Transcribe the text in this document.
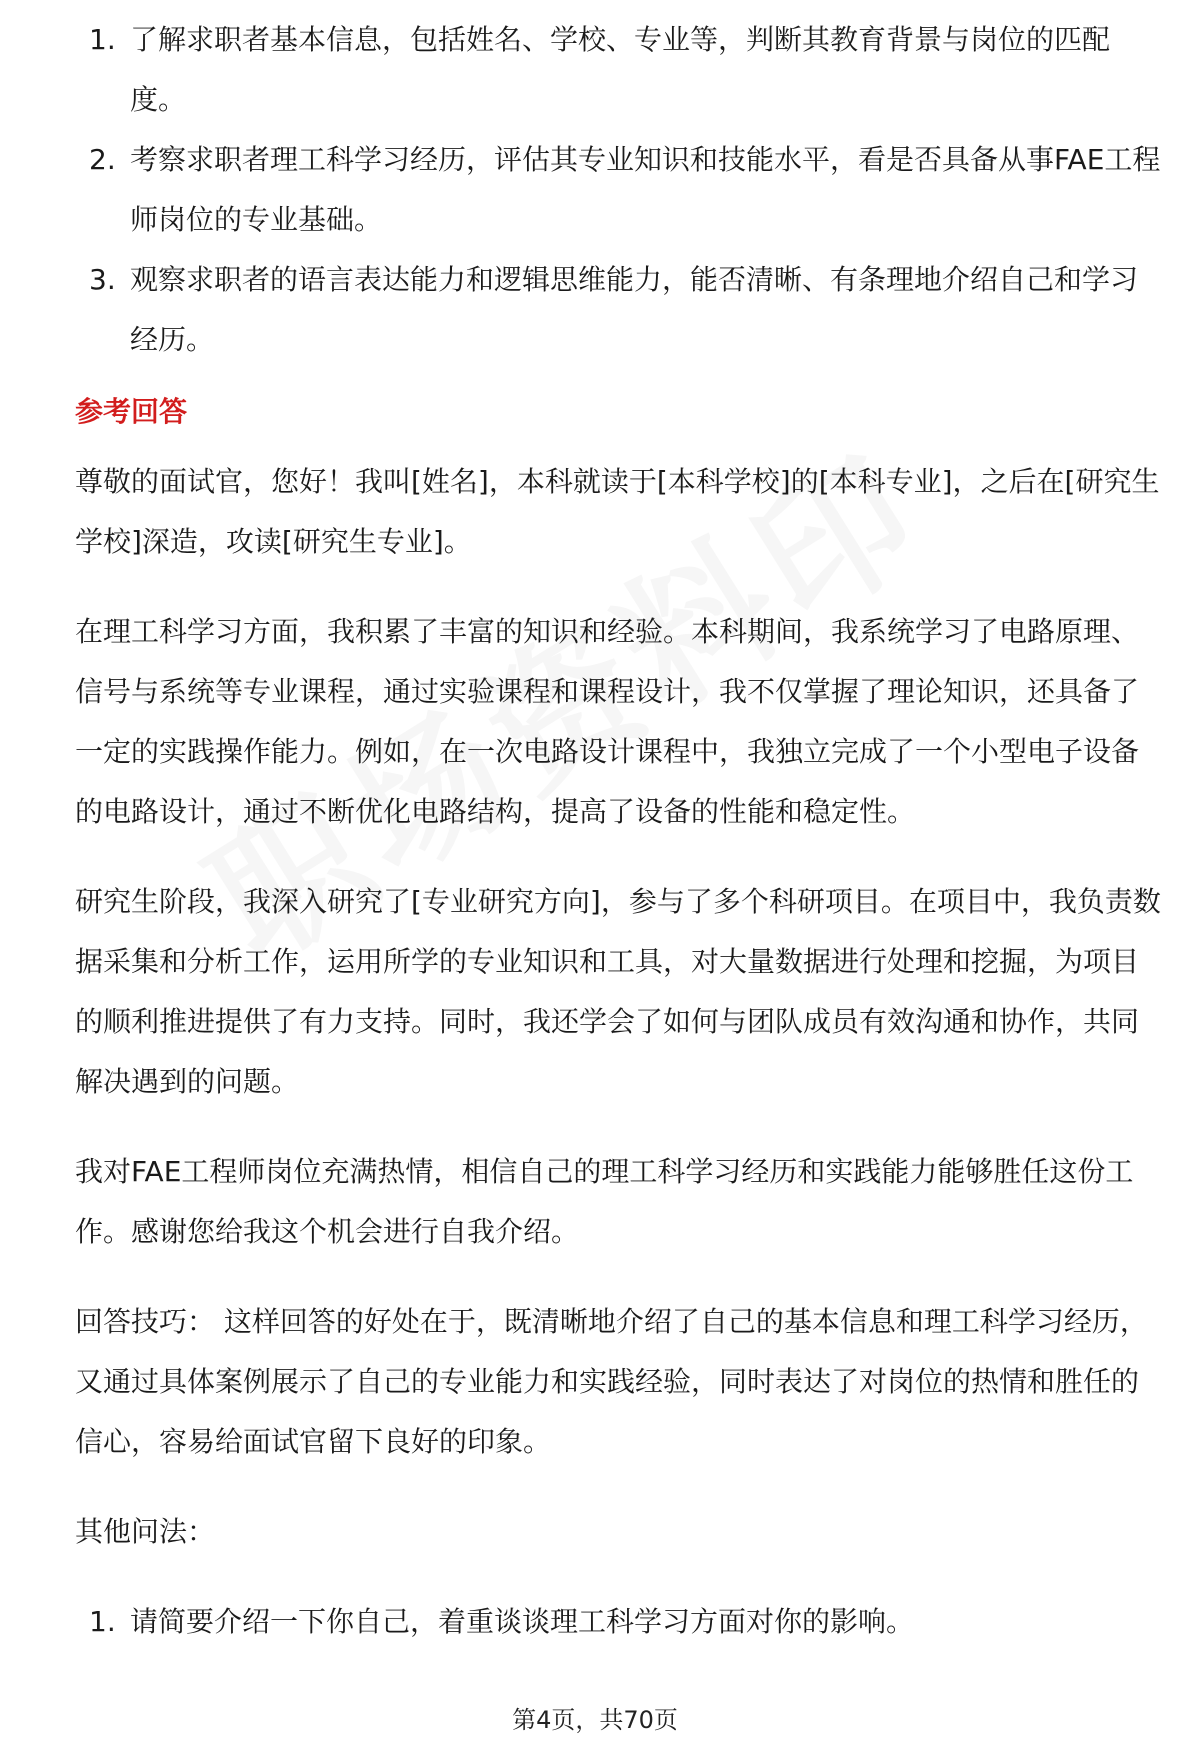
1. 了解求职者基本信息，包括姓名、学校、专业等，判断其教育背景与岗位的匹配度。
2. 考察求职者理工科学习经历，评估其专业知识和技能水平，看是否具备从事FAE工程师岗位的专业基础。
3. 观察求职者的语言表达能力和逻辑思维能力，能否清晰、有条理地介绍自己和学习经历。
参考回答

尊敬的面试官，您好！我叫[姓名]，本科就读于[本科学校]的[本科专业]，之后在[研究生学校]深造，攻读[研究生专业]。

在理工科学习方面，我积累了丰富的知识和经验。本科期间，我系统学习了电路原理、信号与系统等专业课程，通过实验课程和课程设计，我不仅掌握了理论知识，还具备了一定的实践操作能力。例如，在一次电路设计课程中，我独立完成了一个小型电子设备的电路设计，通过不断优化电路结构，提高了设备的性能和稳定性。

研究生阶段，我深入研究了[专业研究方向]，参与了多个科研项目。在项目中，我负责数据采集和分析工作，运用所学的专业知识和工具，对大量数据进行处理和挖掘，为项目的顺利推进提供了有力支持。同时，我还学会了如何与团队成员有效沟通和协作，共同解决遇到的问题。

我对FAE工程师岗位充满热情，相信自己的理工科学习经历和实践能力能够胜任这份工作。感谢您给我这个机会进行自我介绍。

回答技巧： 这样回答的好处在于，既清晰地介绍了自己的基本信息和理工科学习经历，又通过具体案例展示了自己的专业能力和实践经验，同时表达了对岗位的热情和胜任的信心，容易给面试官留下良好的印象。

其他问法：

1. 请简要介绍一下你自己，着重谈谈理工科学习方面对你的影响。
第4页，共70页
